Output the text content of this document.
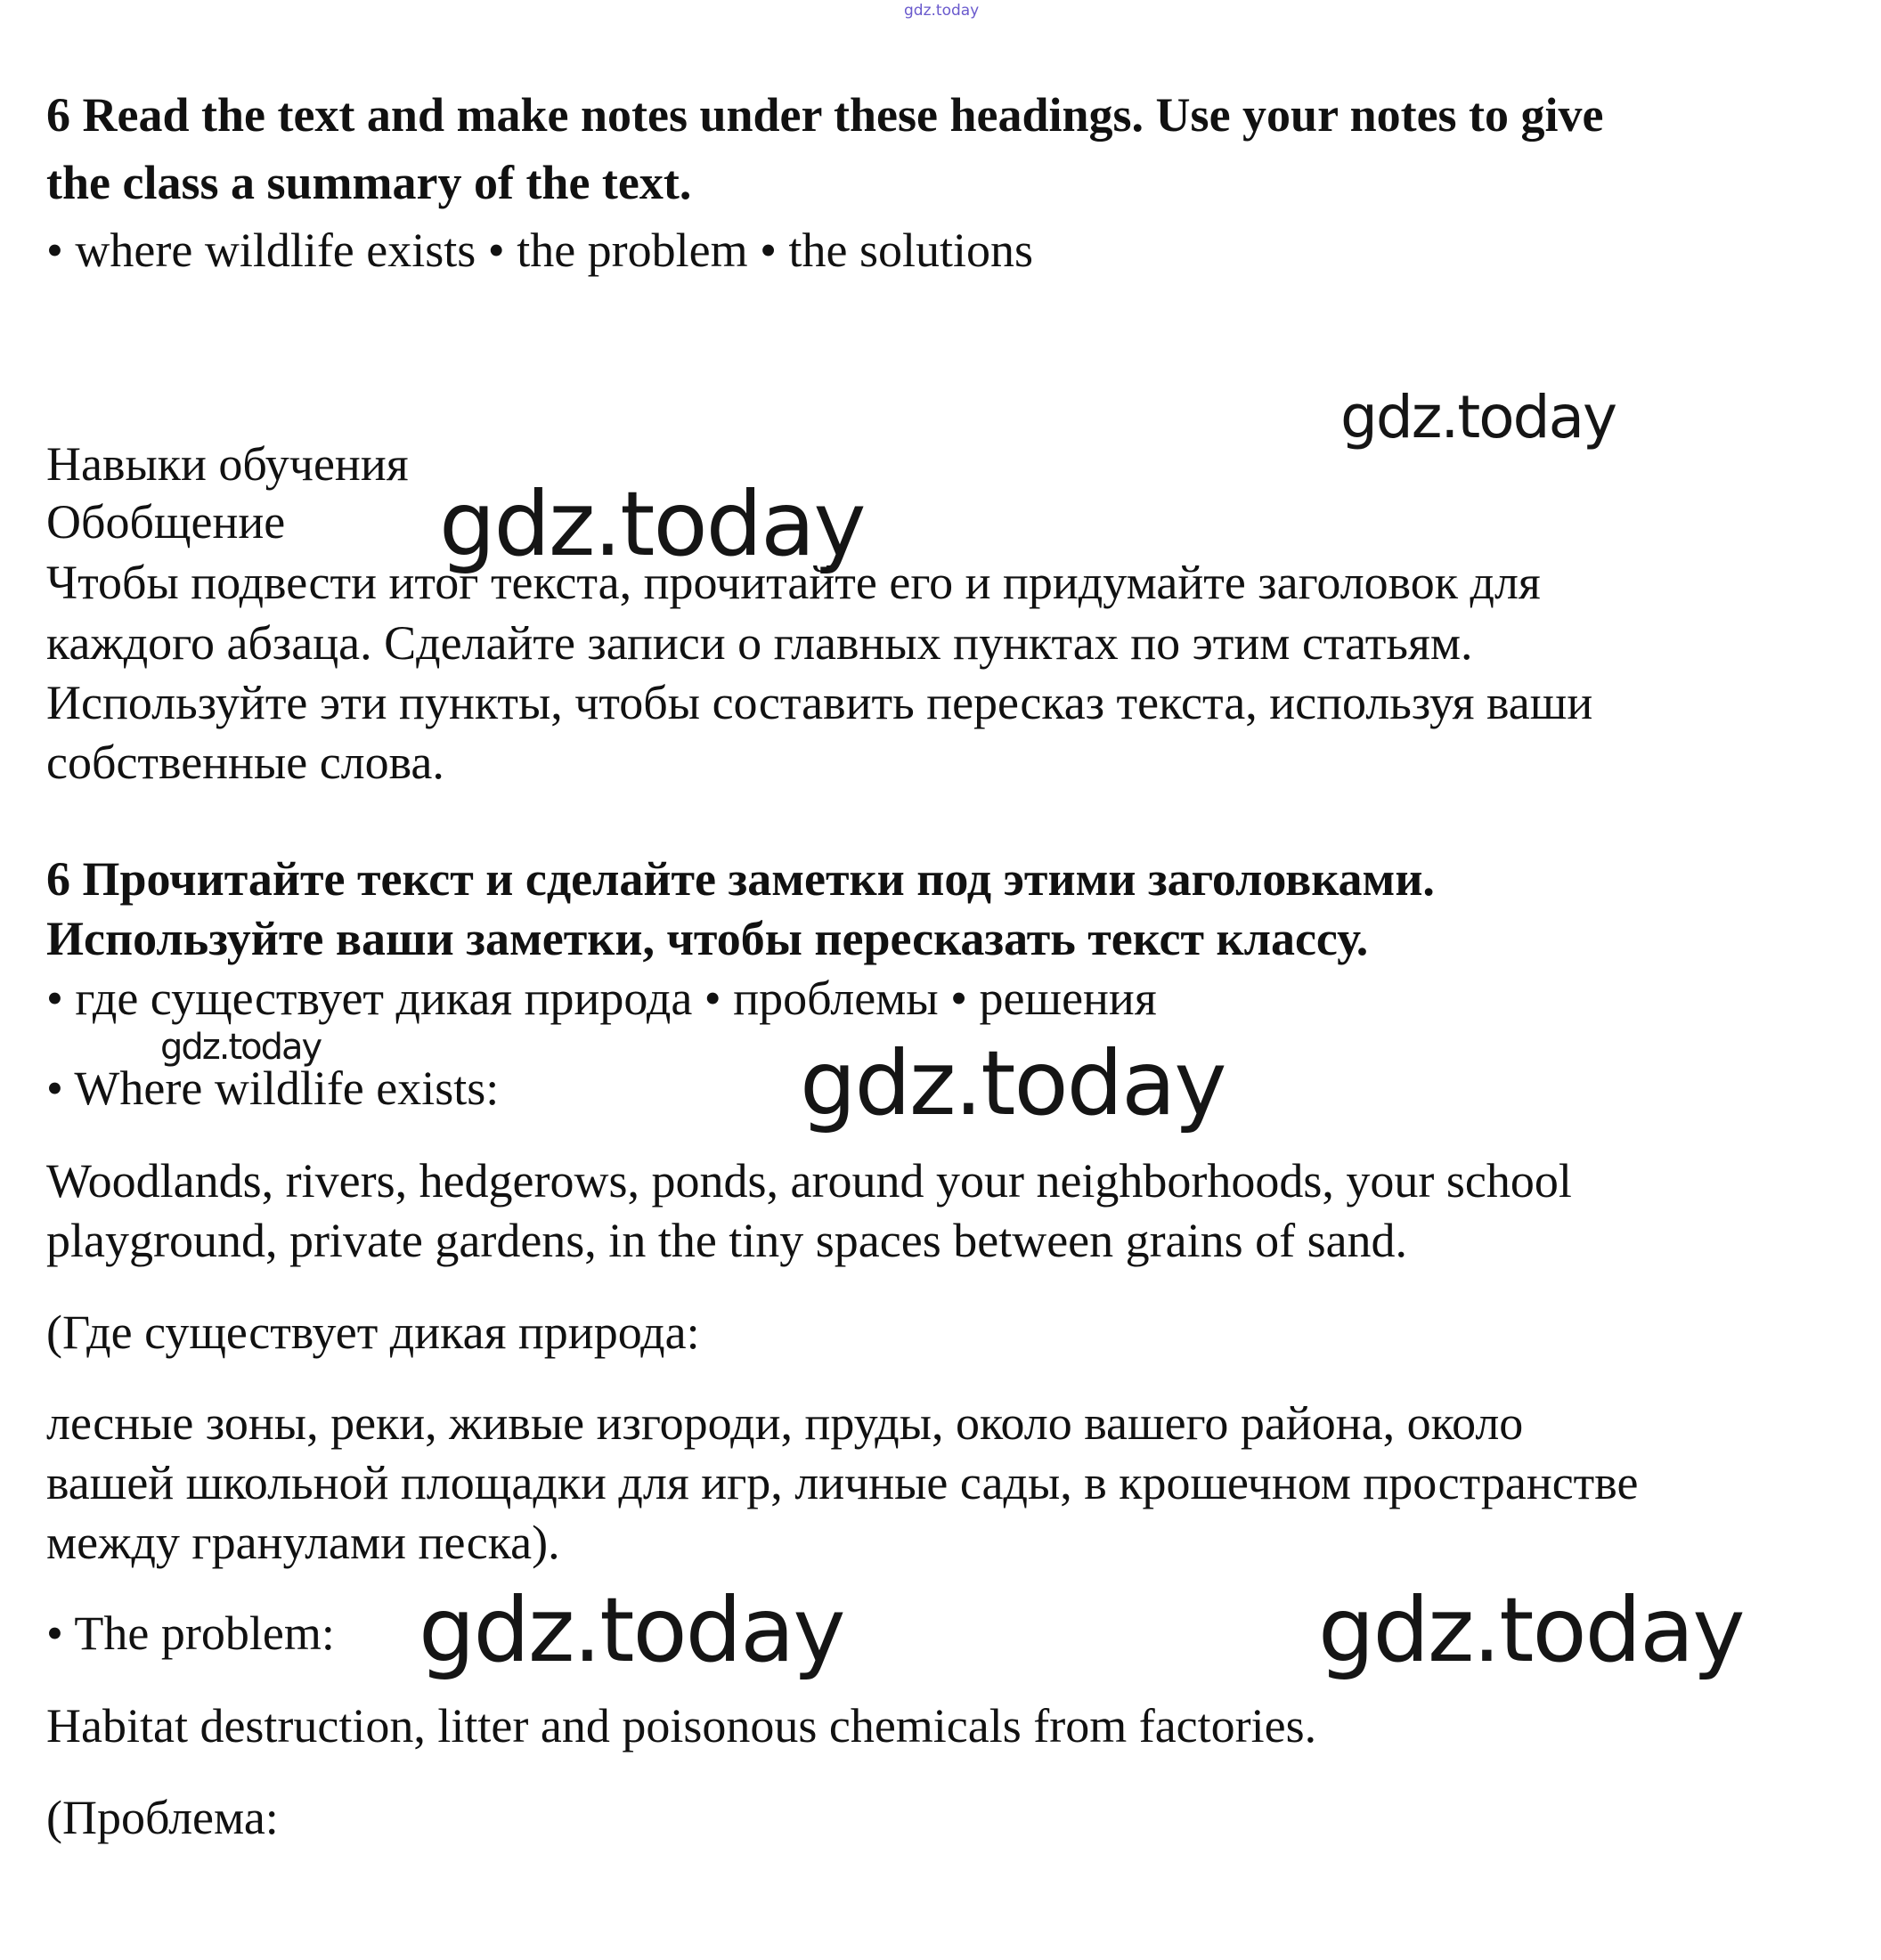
gdz.today
6 Read the text and make notes under these headings. Use your notes to give
the class a summary of the text.
• where wildlife exists • the problem • the solutions
gdz.today
Навыки обучения
Обобщение gdz.today
Чтобы подвести итог текста, прочитайте его и придумайте заголовок для
каждого абзаца. Сделайте записи о главных пунктах по этим статьям.
Используйте эти пункты, чтобы составить пересказ текста, используя ваши
собственные слова.
6 Прочитайте текст и сделайте заметки под этими заголовками.
Используйте ваши заметки, чтобы пересказать текст классу.
• где существует дикая природа • проблемы • решения
gdz.today
• Where wildlife exists:	gdz.today
Woodlands, rivers, hedgerows, ponds, around your neighborhoods, your school
playground, private gardens, in the tiny spaces between grains of sand.
(Где существует дикая природа:
лесные зоны, реки, живые изгороди, пруды, около вашего района, около
вашей школьной площадки для игр, личные сады, в крошечном пространстве
между гранулами песка).
• The problem: gdz.today	gdz.today
Habitat destruction, litter and poisonous chemicals from factories.
(Проблема:
